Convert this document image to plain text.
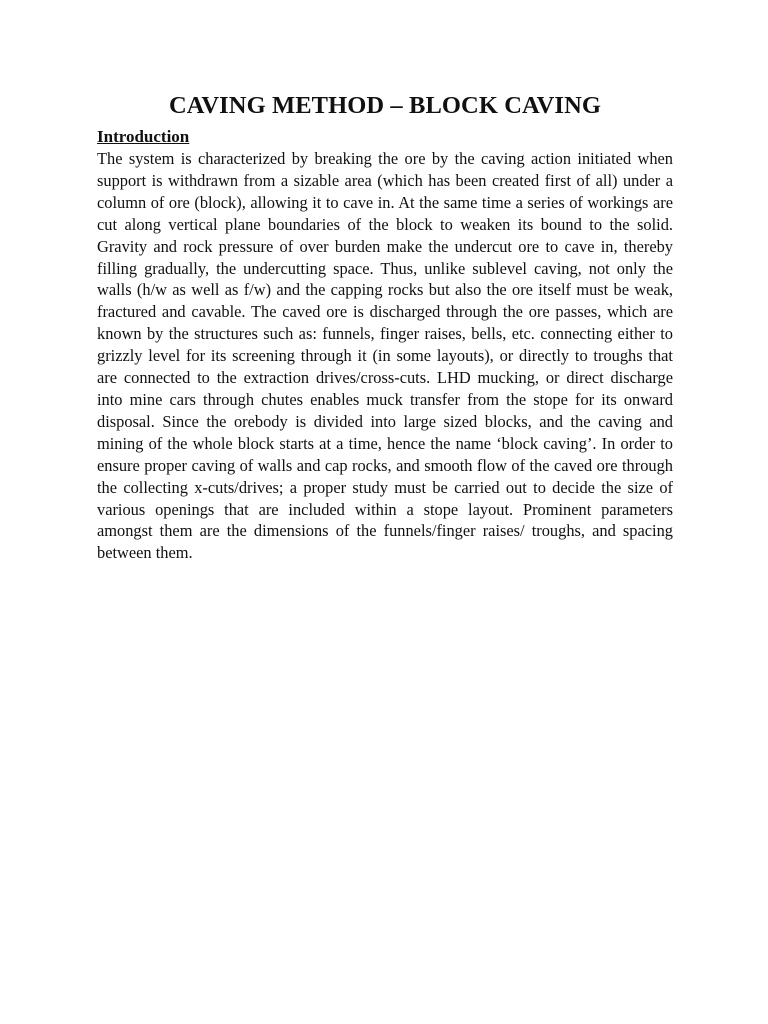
CAVING METHOD – BLOCK CAVING
Introduction

The system is characterized by breaking the ore by the caving action initiated when support is withdrawn from a sizable area (which has been created first of all) under a column of ore (block), allowing it to cave in. At the same time a series of workings are cut along vertical plane boundaries of the block to weaken its bound to the solid. Gravity and rock pressure of over burden make the undercut ore to cave in, thereby filling gradually, the undercutting space. Thus, unlike sublevel caving, not only the walls (h/w as well as f/w) and the capping rocks but also the ore itself must be weak, fractured and cavable. The caved ore is discharged through the ore passes, which are known by the structures such as: funnels, finger raises, bells, etc. connecting either to grizzly level for its screening through it (in some layouts), or directly to troughs that are connected to the extraction drives/cross-cuts. LHD mucking, or direct discharge into mine cars through chutes enables muck transfer from the stope for its onward disposal. Since the orebody is divided into large sized blocks, and the caving and mining of the whole block starts at a time, hence the name ‘block caving’. In order to ensure proper caving of walls and cap rocks, and smooth flow of the caved ore through the collecting x-cuts/drives; a proper study must be carried out to decide the size of various openings that are included within a stope layout. Prominent parameters amongst them are the dimensions of the funnels/finger raises/ troughs, and spacing between them.
